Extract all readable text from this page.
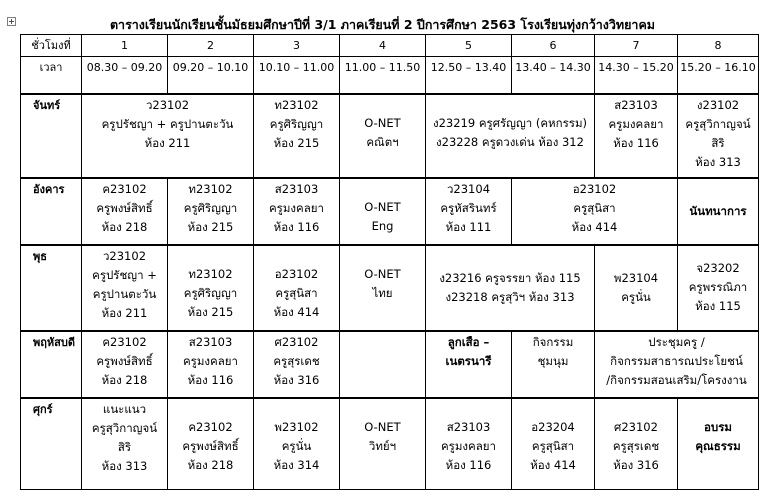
ตารางเรียนนักเรียนชั้นมัธยมศึกษาปีที่ 3/1 ภาคเรียนที่ 2 ปีการศึกษา 2563 โรงเรียนทุ่งกว้างวิทยาคม
ชั่วโมงที่	1	2	3	4	5	6	7	8
เวลา	08.30 – 09.20	09.20 – 10.10	10.10 – 11.00	11.00 – 11.50	12.50 – 13.40	13.40 – 14.30	14.30 – 15.20	15.20 – 16.10
จันทร์	ว23102
ครูปรัชญา + ครูปานตะวัน
ห้อง 211		ท23102
ครูศิริญญา
ห้อง 215	O-NET
คณิตฯ	ง23219 ครูศรัญญา (คหกรรม)
ง23228 ครูดวงเด่น ห้อง 312		ส23103
ครูมงคลยา
ห้อง 116	ง23102
ครูสุวิกาญจน์
สิริ
ห้อง 313

อังคาร	ค23102
ครูพงษ์สิทธิ์
ห้อง 218	ท23102
ครูศิริญญา
ห้อง 215	ส23103
ครูมงคลยา
ห้อง 116	O-NET
Eng	ว23104
ครูหัสรินทร์
ห้อง 111	อ23102
ครูสุนิสา
ห้อง 414		นันทนาการ

พุธ	ว23102
ครูปรัชญา +
ครูปานตะวัน
ห้อง 211	ท23102
ครูศิริญญา
ห้อง 215	อ23102
ครูสุนิสา
ห้อง 414	O-NET
ไทย	ง23216 ครูจรรยา ห้อง 115
ง23218 ครูสุวิฯ ห้อง 313		พ23104
ครูนั่น	จ23202
ครูพรรณิภา
ห้อง 115

พฤหัสบดี	ค23102
ครูพงษ์สิทธิ์
ห้อง 218	ส23103
ครูมงคลยา
ห้อง 116	ศ23102
ครูสุรเดช
ห้อง 316		ลูกเสือ –
เนตรนารี	กิจกรรม
ชุมนุม	ประชุมครู /
กิจกรรมสาธารณประโยชน์
/กิจกรรมสอนเสริม/โครงงาน	

ศุกร์	แนะแนว
ครูสุวิกาญจน์
สิริ
ห้อง 313	ค23102
ครูพงษ์สิทธิ์
ห้อง 218	พ23102
ครูนั่น
ห้อง 314	O-NET
วิทย์ฯ	ส23103
ครูมงคลยา
ห้อง 116	อ23204
ครูสุนิสา
ห้อง 414	ศ23102
ครูสุรเดช
ห้อง 316	อบรม
คุณธรรม
